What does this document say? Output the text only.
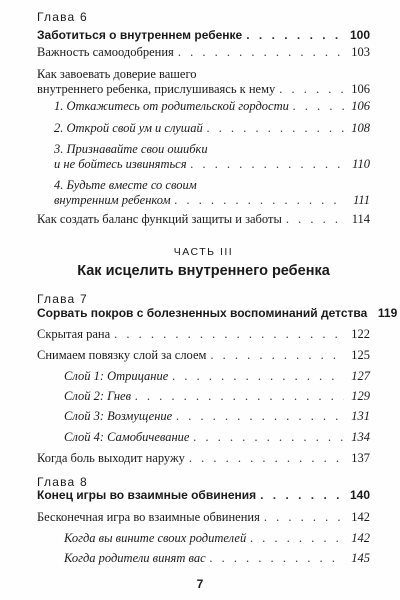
Глава 6
Заботиться о внутреннем ребенке . . .	100
Важность самоодобрения . . .	103
Как завоевать доверие вашего
внутреннего ребенка, прислушиваясь к нему . . .	106
1. Откажитесь от родительской гордости . . .	106
2. Открой свой ум и слушай . . .	108
3. Признавайте свои ошибки
и не бойтесь извиняться . . .	110
4. Будьте вместе со своим
внутренним ребенком . . .	111
Как создать баланс функций защиты и заботы . . .	114
ЧАСТЬ III
Как исцелить внутреннего ребенка
Глава 7
Сорвать покров с болезненных воспоминаний детства 119
Скрытая рана . . .	122
Снимаем повязку слой за слоем . . .	125
Слой 1: Отрицание . . .	127
Слой 2: Гнев . . .	129
Слой 3: Возмущение . . .	131
Слой 4: Самобичевание . . .	134
Когда боль выходит наружу . . .	137
Глава 8
Конец игры во взаимные обвинения . . .	140
Бесконечная игра во взаимные обвинения . . .	142
Когда вы вините своих родителей . . .	142
Когда родители винят вас . . .	145
7
